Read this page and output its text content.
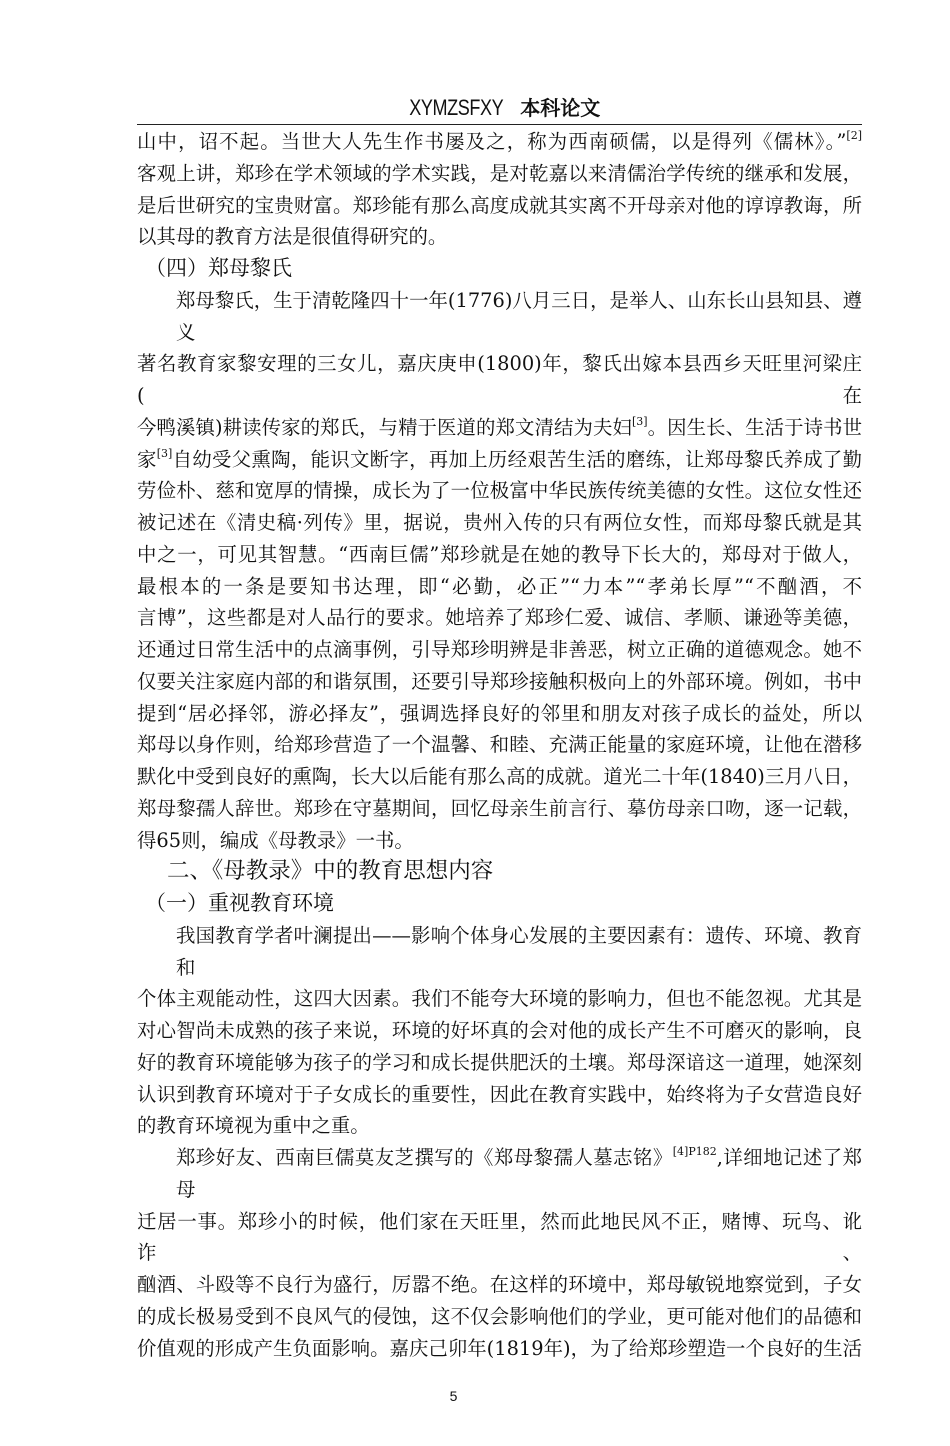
XYMZSFXY 本科论文
山中，诏不起。当世大人先生作书屡及之，称为西南硕儒，以是得列《儒林》。”[2]
客观上讲，郑珍在学术领域的学术实践，是对乾嘉以来清儒治学传统的继承和发展，
是后世研究的宝贵财富。郑珍能有那么高度成就其实离不开母亲对他的谆谆教诲，所
以其母的教育方法是很值得研究的。
（四）郑母黎氏
郑母黎氏，生于清乾隆四十一年(1776)八月三日，是举人、山东长山县知县、遵义
著名教育家黎安理的三女儿，嘉庆庚申(1800)年，黎氏出嫁本县西乡天旺里河梁庄(在
今鸭溪镇)耕读传家的郑氏，与精于医道的郑文清结为夫妇[3]。因生长、生活于诗书世
家[3]自幼受父熏陶，能识文断字，再加上历经艰苦生活的磨练，让郑母黎氏养成了勤
劳俭朴、慈和宽厚的情操，成长为了一位极富中华民族传统美德的女性。这位女性还
被记述在《清史稿·列传》里，据说，贵州入传的只有两位女性，而郑母黎氏就是其
中之一，可见其智慧。“西南巨儒”郑珍就是在她的教导下长大的，郑母对于做人，
最根本的一条是要知书达理，即“必勤，必正”“力本”“孝弟长厚”“不酗酒，不
言博”，这些都是对人品行的要求。她培养了郑珍仁爱、诚信、孝顺、谦逊等美德，
还通过日常生活中的点滴事例，引导郑珍明辨是非善恶，树立正确的道德观念。她不
仅要关注家庭内部的和谐氛围，还要引导郑珍接触积极向上的外部环境。例如，书中
提到“居必择邻，游必择友”，强调选择良好的邻里和朋友对孩子成长的益处，所以
郑母以身作则，给郑珍营造了一个温馨、和睦、充满正能量的家庭环境，让他在潜移
默化中受到良好的熏陶，长大以后能有那么高的成就。道光二十年(1840)三月八日，
郑母黎孺人辞世。郑珍在守墓期间，回忆母亲生前言行、摹仿母亲口吻，逐一记载，
得65则，编成《母教录》一书。
二、《母教录》中的教育思想内容
（一）重视教育环境
我国教育学者叶澜提出——影响个体身心发展的主要因素有：遗传、环境、教育和
个体主观能动性，这四大因素。我们不能夸大环境的影响力，但也不能忽视。尤其是
对心智尚未成熟的孩子来说，环境的好坏真的会对他的成长产生不可磨灭的影响，良
好的教育环境能够为孩子的学习和成长提供肥沃的土壤。郑母深谙这一道理，她深刻
认识到教育环境对于子女成长的重要性，因此在教育实践中，始终将为子女营造良好
的教育环境视为重中之重。
郑珍好友、西南巨儒莫友芝撰写的《郑母黎孺人墓志铭》$^{[4]P182}$,详细地记述了郑母
迁居一事。郑珍小的时候，他们家在天旺里，然而此地民风不正，赌博、玩鸟、讹诈、
酗酒、斗殴等不良行为盛行，厉嚣不绝。在这样的环境中，郑母敏锐地察觉到，子女
的成长极易受到不良风气的侵蚀，这不仅会影响他们的学业，更可能对他们的品德和
价值观的形成产生负面影响。嘉庆己卯年(1819年)，为了给郑珍塑造一个良好的生活
5
